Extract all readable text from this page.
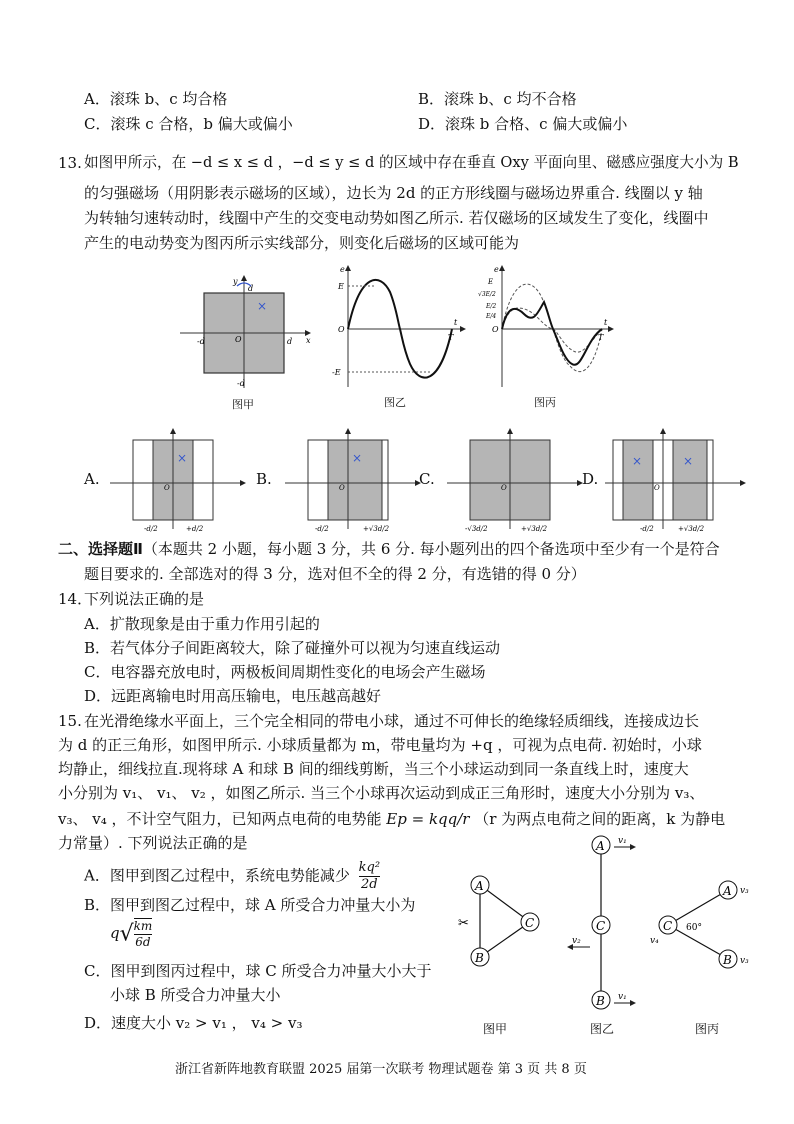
A．滚珠 b、c 均合格	B．滚珠 b、c 均不合格
C．滚珠 c 合格，b 偏大或偏小	D．滚珠 b 合格、c 偏大或偏小
13. 如图甲所示，在 −d ≤ x ≤ d ，−d ≤ y ≤ d 的区域中存在垂直 Oxy 平面向里、磁感应强度大小为 B
的匀强磁场（用阴影表示磁场的区域），边长为 2d 的正方形线圈与磁场边界重合. 线圈以 y 轴
为转轴匀速转动时，线圈中产生的交变电动势如图乙所示. 若仅磁场的区域发生了变化，线圈中
产生的电动势变为图丙所示实线部分，则变化后磁场的区域可能为
×
y
d
-d	d
O	x
-d
图甲
e
E
O
-E
t
T
图乙
e
E
√3E/2
E/2
E/4
O
t
T
图丙
A.
×
O
-d/2	+d/2
B.
×
O
-d/2	+√3d/2
C.	O
-√3d/2	+√3d/2
D.
×	×
O
-d/2	+√3d/2
二、选择题Ⅱ（本题共 2 小题，每小题 3 分，共 6 分. 每小题列出的四个备选项中至少有一个是符合
题目要求的. 全部选对的得 3 分，选对但不全的得 2 分，有选错的得 0 分）
14．
下列说法正确的是
A．扩散现象是由于重力作用引起的
B．若气体分子间距离较大，除了碰撞外可以视为匀速直线运动
C．电容器充放电时，两极板间周期性变化的电场会产生磁场
D．远距离输电时用高压输电，电压越高越好
15. 在光滑绝缘水平面上，三个完全相同的带电小球，通过不可伸长的绝缘轻质细线，连接成边长
为 d 的正三角形，如图甲所示. 小球质量都为 m，带电量均为 +q ，可视为点电荷. 初始时，小球
均静止，细线拉直.现将球 A 和球 B 间的细线剪断，当三个小球运动到同一条直线上时，速度大
小分别为 v₁、 v₁、 v₂ ，如图乙所示. 当三个小球再次运动到成正三角形时，速度大小分别为 v₃、
v₃、 v₄ ，不计空气阻力，已知两点电荷的电势能 Ep = kqq/r （r 为两点电荷之间的距离，k 为静电
力常量）. 下列说法正确的是
A．图甲到图乙过程中，系统电势能减少 $\frac{\text{kq²}}{2d}$
B．图甲到图乙过程中，球 A 所受合力冲量大小为
$q√ \frac{km}{6d}$
C．图甲到图丙过程中，球 C 所受合力冲量大小大于
小球 B 所受合力冲量大小
D．速度大小 v₂ > v₁ ， v₄ > v₃
A
C
B
✂
A
C
B
v₁
v₁
v₂
C
A
B
60°
v₃
v₃
v₄
图甲	图乙	图丙
浙江省新阵地教育联盟 2025 届第一次联考 物理试题卷 第 3 页 共 8 页
